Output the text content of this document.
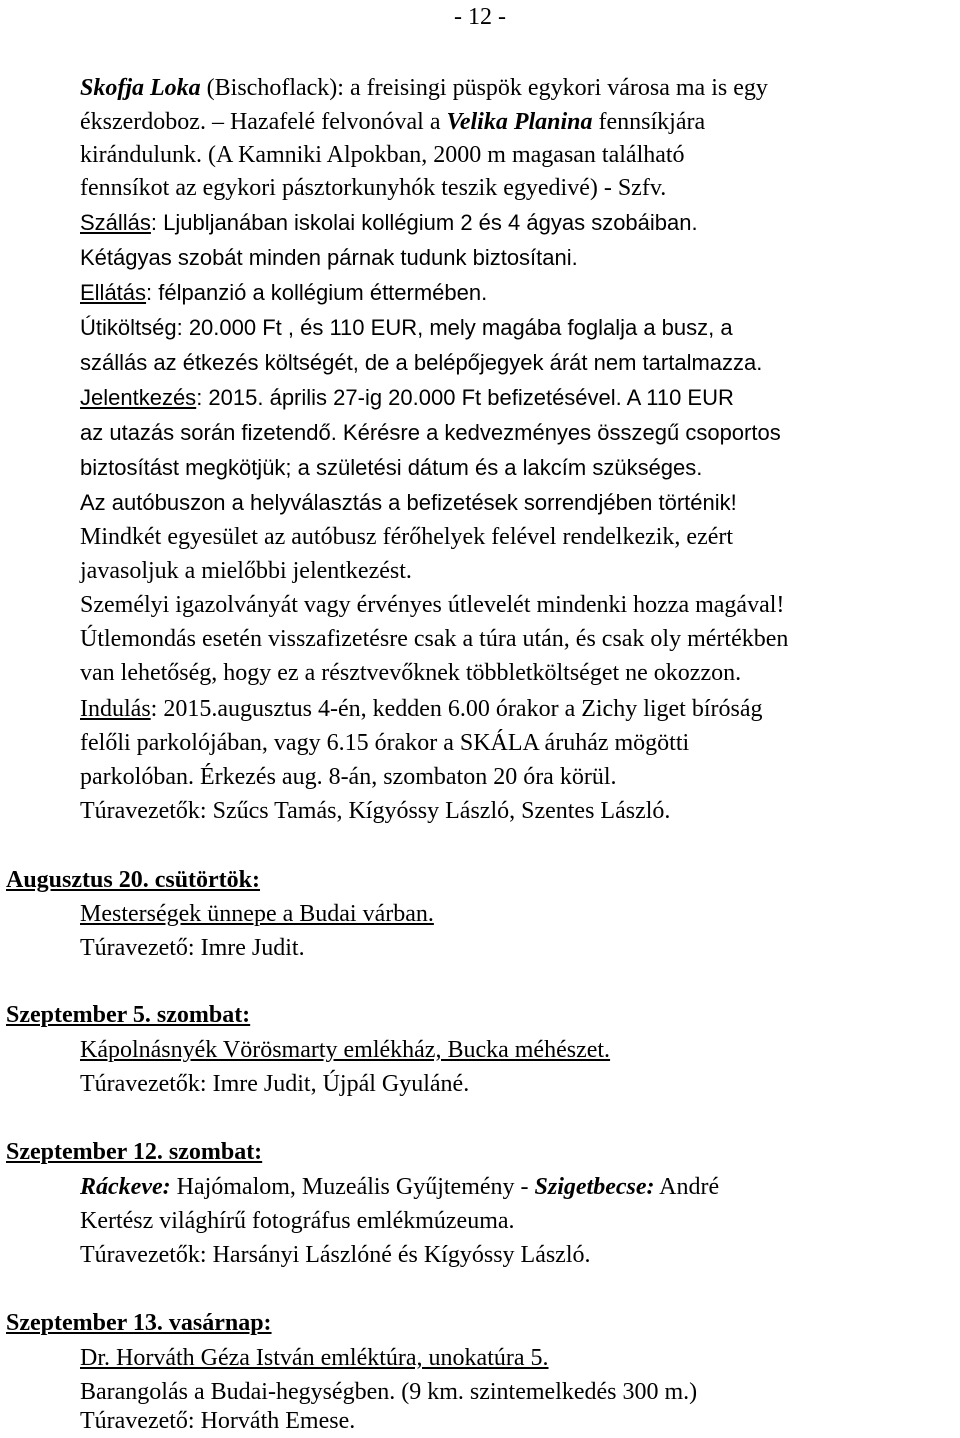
- 12 -
Skofja Loka (Bischoflack): a freisingi püspök egykori városa ma is egy
ékszerdoboz. – Hazafelé felvonóval a Velika Planina fennsíkjára
kirándulunk. (A Kamniki Alpokban, 2000 m magasan található
fennsíkot az egykori pásztorkunyhók teszik egyedivé) - Szfv.
Szállás: Ljubljanában iskolai kollégium 2 és 4 ágyas szobáiban.
Kétágyas szobát minden párnak tudunk biztosítani.
Ellátás: félpanzió a kollégium éttermében.
Útiköltség: 20.000 Ft , és 110 EUR, mely magába foglalja a busz, a
szállás az étkezés költségét, de a belépőjegyek árát nem tartalmazza.
Jelentkezés: 2015. április 27-ig 20.000 Ft befizetésével. A 110 EUR
az utazás során fizetendő. Kérésre a kedvezményes összegű csoportos
biztosítást megkötjük; a születési dátum és a lakcím szükséges.
Az autóbuszon a helyválasztás a befizetések sorrendjében történik!
Mindkét egyesület az autóbusz férőhelyek felével rendelkezik, ezért
javasoljuk a mielőbbi jelentkezést.
Személyi igazolványát vagy érvényes útlevelét mindenki hozza magával!
Útlemondás esetén visszafizetésre csak a túra után, és csak oly mértékben
van lehetőség, hogy ez a résztvevőknek többletköltséget ne okozzon.
Indulás: 2015.augusztus 4-én, kedden 6.00 órakor a Zichy liget bíróság
felőli parkolójában, vagy 6.15 órakor a SKÁLA áruház mögötti
parkolóban. Érkezés aug. 8-án, szombaton 20 óra körül.
Túravezetők: Szűcs Tamás, Kígyóssy László, Szentes László.
Augusztus 20. csütörtök:
Mesterségek ünnepe a Budai várban.
Túravezető: Imre Judit.
Szeptember 5. szombat:
Kápolnásnyék Vörösmarty emlékház, Bucka méhészet.
Túravezetők: Imre Judit, Újpál Gyuláné.
Szeptember 12. szombat:
Ráckeve: Hajómalom, Muzeális Gyűjtemény - Szigetbecse: André
Kertész világhírű fotográfus emlékmúzeuma.
Túravezetők: Harsányi Lászlóné és Kígyóssy László.
Szeptember 13. vasárnap:
Dr. Horváth Géza István emléktúra, unokatúra 5.
Barangolás a Budai-hegységben. (9 km. szintemelkedés 300 m.)
Túravezető: Horváth Emese.
